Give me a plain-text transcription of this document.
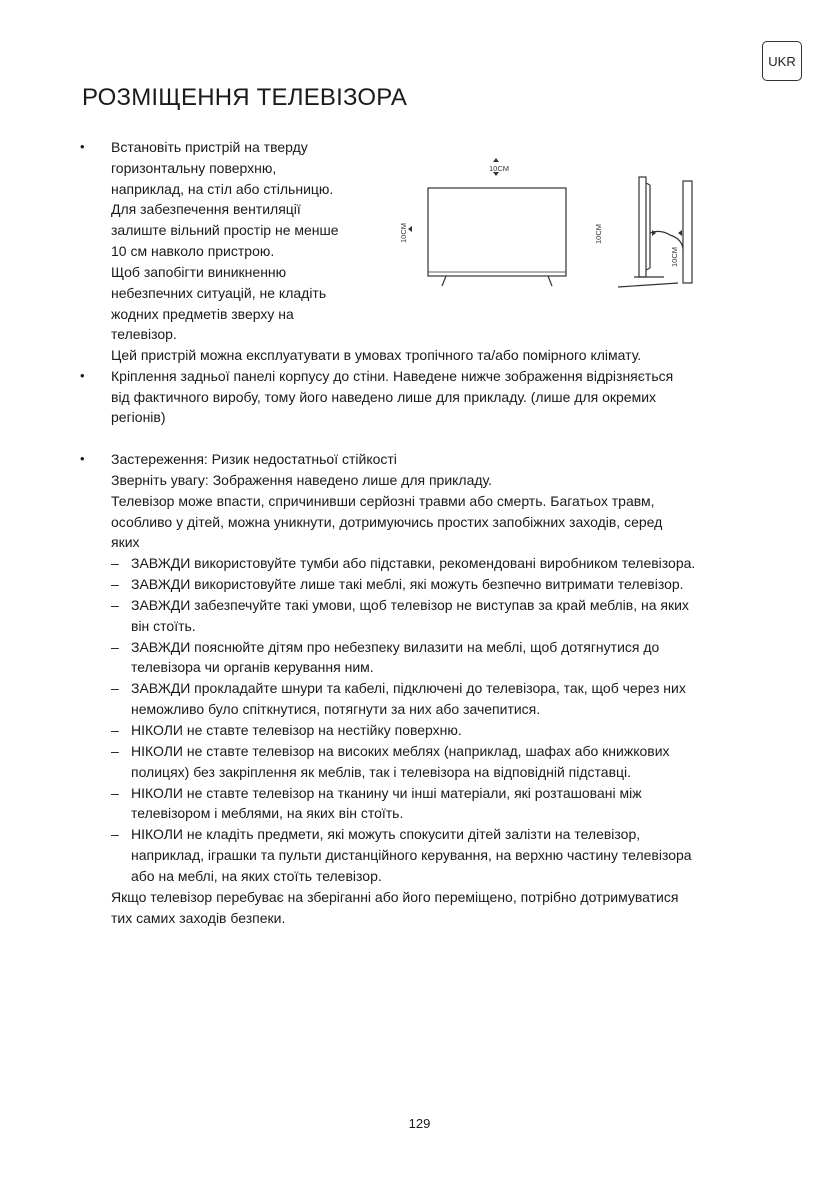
UKR
РОЗМІЩЕННЯ ТЕЛЕВІЗОРА
• Встановіть пристрій на тверду
горизонтальну поверхню,
наприклад, на стіл або стільницю.
Для забезпечення вентиляції
залиште вільний простір не менше
10 см навколо пристрою.
Щоб запобігти виникненню
небезпечних ситуацій, не кладіть
жодних предметів зверху на
телевізор.
Цей пристрій можна експлуатувати в умовах тропічного та/або помірного клімату.
10CM
10CM	10CM
10CM
• Кріплення задньої панелі корпусу до стіни. Наведене нижче зображення відрізняється
від фактичного виробу, тому його наведено лише для прикладу. (лише для окремих
регіонів)
• Застереження: Ризик недостатньої стійкості
Зверніть увагу: Зображення наведено лише для прикладу.
Телевізор може впасти, спричинивши серйозні травми або смерть. Багатьох травм,
особливо у дітей, можна уникнути, дотримуючись простих запобіжних заходів, серед
яких
– ЗАВЖДИ використовуйте тумби або підставки, рекомендовані виробником телевізора.
– ЗАВЖДИ використовуйте лише такі меблі, які можуть безпечно витримати телевізор.
– ЗАВЖДИ забезпечуйте такі умови, щоб телевізор не виступав за край меблів, на яких
він стоїть.
– ЗАВЖДИ пояснюйте дітям про небезпеку вилазити на меблі, щоб дотягнутися до
телевізора чи органів керування ним.
– ЗАВЖДИ прокладайте шнури та кабелі, підключені до телевізора, так, щоб через них
неможливо було спіткнутися, потягнути за них або зачепитися.
– НІКОЛИ не ставте телевізор на нестійку поверхню.
– НІКОЛИ не ставте телевізор на високих меблях (наприклад, шафах або книжкових
полицях) без закріплення як меблів, так і телевізора на відповідній підставці.
– НІКОЛИ не ставте телевізор на тканину чи інші матеріали, які розташовані між
телевізором і меблями, на яких він стоїть.
– НІКОЛИ не кладіть предмети, які можуть спокусити дітей залізти на телевізор,
наприклад, іграшки та пульти дистанційного керування, на верхню частину телевізора
або на меблі, на яких стоїть телевізор.
Якщо телевізор перебуває на зберіганні або його переміщено, потрібно дотримуватися
тих самих заходів безпеки.
129
